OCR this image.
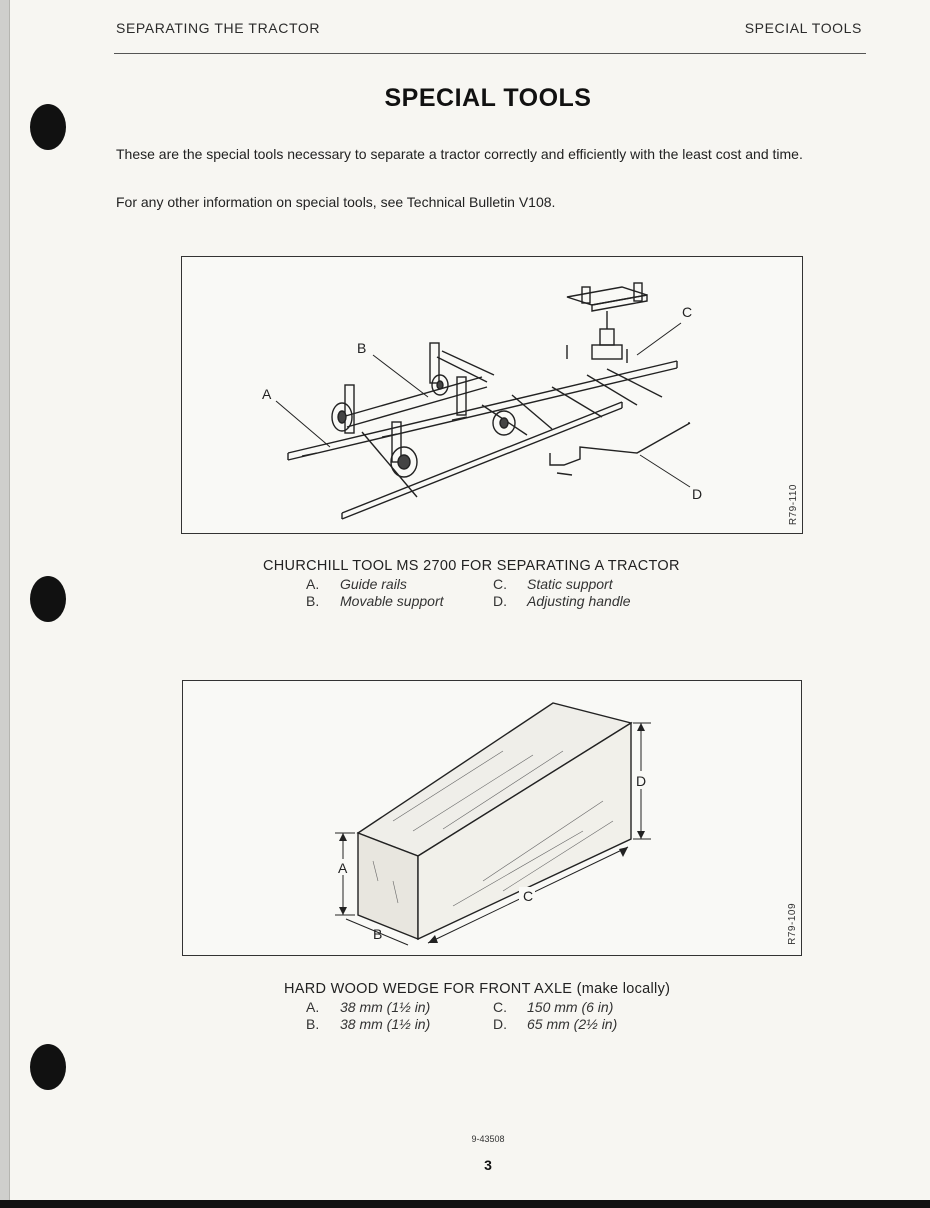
SEPARATING THE TRACTOR	SPECIAL TOOLS
SPECIAL TOOLS
These are the special tools necessary to separate a tractor correctly and efficiently with the least cost and time.
For any other information on special tools, see Technical Bulletin V108.
A
B
C
D	R79-110
CHURCHILL TOOL MS 2700 FOR SEPARATING A TRACTOR
A. Guide rails
B. Movable support
C. Static support
D. Adjusting handle
A
B
C
D
R79-109
HARD WOOD WEDGE FOR FRONT AXLE (make locally)
A. 38 mm (1½ in)
B. 38 mm (1½ in)
C. 150 mm (6 in)
D. 65 mm (2½ in)
9-43508
3
